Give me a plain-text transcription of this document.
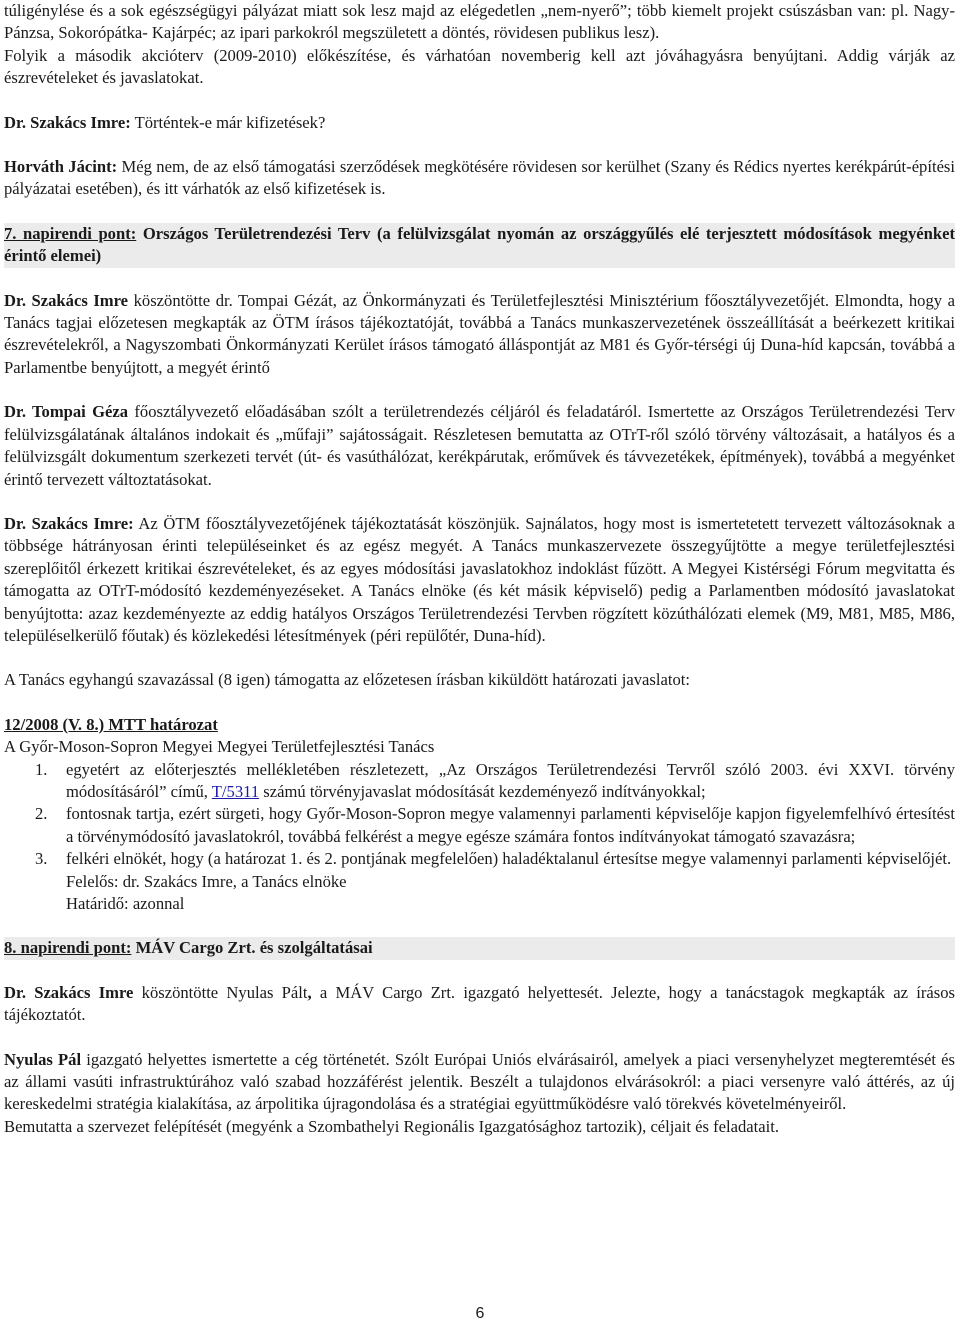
túligénylése és a sok egészségügyi pályázat miatt sok lesz majd az elégedetlen „nem-nyerő”; több kiemelt projekt csúszásban van: pl. Nagy- Pánzsa, Sokorópátka- Kajárpéc; az ipari parkokról megszületett a döntés, rövidesen publikus lesz).

Folyik a második akcióterv (2009-2010) előkészítése, és várhatóan novemberig kell azt jóváhagyásra benyújtani. Addig várják az észrevételeket és javaslatokat.

Dr. Szakács Imre: Történtek-e már kifizetések?

Horváth Jácint: Még nem, de az első támogatási szerződések megkötésére rövidesen sor kerülhet (Szany és Rédics nyertes kerékpárút-építési pályázatai esetében), és itt várhatók az első kifizetések is.

7. napirendi pont: Országos Területrendezési Terv (a felülvizsgálat nyomán az országgyűlés elé terjesztett módosítások megyénket érintő elemei)

Dr. Szakács Imre köszöntötte dr. Tompai Gézát, az Önkormányzati és Területfejlesztési Minisztérium főosztályvezetőjét. Elmondta, hogy a Tanács tagjai előzetesen megkapták az ÖTM írásos tájékoztatóját, továbbá a Tanács munkaszervezetének összeállítását a beérkezett kritikai észrevételekről, a Nagyszombati Önkormányzati Kerület írásos támogató álláspontját az M81 és Győr-térségi új Duna-híd kapcsán, továbbá a Parlamentbe benyújtott, a megyét érintő

Dr. Tompai Géza főosztályvezető előadásában szólt a területrendezés céljáról és feladatáról. Ismertette az Országos Területrendezési Terv felülvizsgálatának általános indokait és „műfaji” sajátosságait. Részletesen bemutatta az OTrT-ről szóló törvény változásait, a hatályos és a felülvizsgált dokumentum szerkezeti tervét (út- és vasúthálózat, kerékpárutak, erőművek és távvezetékek, építmények), továbbá a megyénket érintő tervezett változtatásokat.

Dr. Szakács Imre: Az ÖTM főosztályvezetőjének tájékoztatását köszönjük. Sajnálatos, hogy most is ismertetetett tervezett változásoknak a többsége hátrányosan érinti településeinket és az egész megyét. A Tanács munkaszervezete összegyűjtötte a megye területfejlesztési szereplőitől érkezett kritikai észrevételeket, és az egyes módosítási javaslatokhoz indoklást fűzött. A Megyei Kistérségi Fórum megvitatta és támogatta az OTrT-módosító kezdeményezéseket. A Tanács elnöke (és két másik képviselő) pedig a Parlamentben módosító javaslatokat benyújtotta: azaz kezdeményezte az eddig hatályos Országos Területrendezési Tervben rögzített közúthálózati elemek (M9, M81, M85, M86, településelkerülő főutak) és közlekedési létesítmények (péri repülőtér, Duna-híd).

A Tanács egyhangú szavazással (8 igen) támogatta az előzetesen írásban kiküldött határozati javaslatot:

12/2008 (V. 8.) MTT határozat

A Győr-Moson-Sopron Megyei Megyei Területfejlesztési Tanács

1. egyetért az előterjesztés mellékletében részletezett, „Az Országos Területrendezési Tervről szóló 2003. évi XXVI. törvény módosításáról” című, T/5311 számú törvényjavaslat módosítását kezdeményező indítványokkal;
2. fontosnak tartja, ezért sürgeti, hogy Győr-Moson-Sopron megye valamennyi parlamenti képviselője kapjon figyelemfelhívó értesítést a törvénymódosító javaslatokról, továbbá felkérést a megye egésze számára fontos indítványokat támogató szavazásra;
3. felkéri elnökét, hogy (a határozat 1. és 2. pontjának megfelelően) haladéktalanul értesítse megye valamennyi parlamenti képviselőjét.

Felelős: dr. Szakács Imre, a Tanács elnöke

Határidő: azonnal

8. napirendi pont: MÁV Cargo Zrt. és szolgáltatásai

Dr. Szakács Imre köszöntötte Nyulas Pált, a MÁV Cargo Zrt. igazgató helyettesét. Jelezte, hogy a tanácstagok megkapták az írásos tájékoztatót.

Nyulas Pál igazgató helyettes ismertette a cég történetét. Szólt Európai Uniós elvárásairól, amelyek a piaci versenyhelyzet megteremtését és az állami vasúti infrastruktúrához való szabad hozzáférést jelentik. Beszélt a tulajdonos elvárásokról: a piaci versenyre való áttérés, az új kereskedelmi stratégia kialakítása, az árpolitika újragondolása és a stratégiai együttműködésre való törekvés követelményeiről.

Bemutatta a szervezet felépítését (megyénk a Szombathelyi Regionális Igazgatósághoz tartozik), céljait és feladatait.

6
